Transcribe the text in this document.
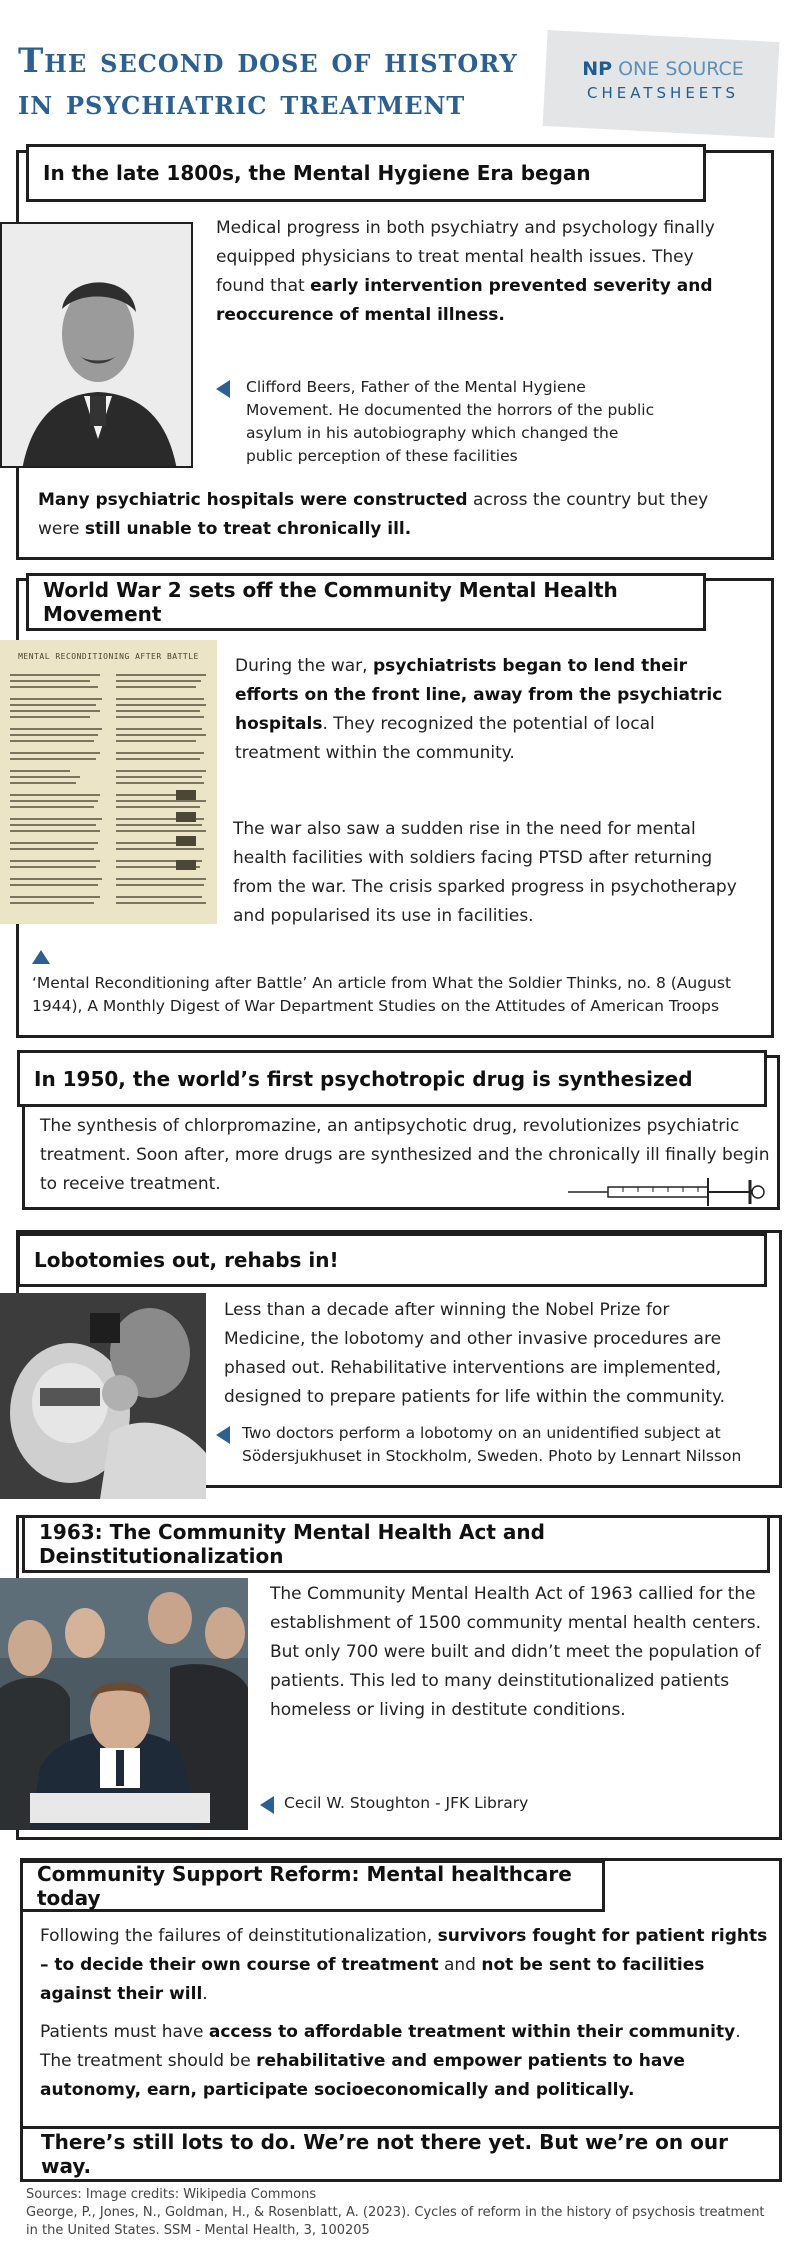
The second dose of history
in psychiatric treatment
NP ONE SOURCE
CHEATSHEETS
In the late 1800s, the Mental Hygiene Era began
Medical progress in both psychiatry and psychology finally equipped physicians to treat mental health issues. They found that early intervention prevented severity and reoccurence of mental illness.
Clifford Beers, Father of the Mental Hygiene Movement. He documented the horrors of the public asylum in his autobiography which changed the public perception of these facilities
Many psychiatric hospitals were constructed across the country but they were still unable to treat chronically ill.
World War 2 sets off the Community Mental Health Movement
MENTAL RECONDITIONING AFTER BATTLE	During the war, psychiatrists began to lend their efforts on the front line, away from the psychiatric hospitals. They recognized the potential of local treatment within the community.
The war also saw a sudden rise in the need for mental health facilities with soldiers facing PTSD after returning from the war. The crisis sparked progress in psychotherapy and popularised its use in facilities.
‘Mental Reconditioning after Battle’ An article from What the Soldier Thinks, no. 8 (August 1944), A Monthly Digest of War Department Studies on the Attitudes of American Troops
In 1950, the world’s first psychotropic drug is synthesized
The synthesis of chlorpromazine, an antipsychotic drug, revolutionizes psychiatric treatment. Soon after, more drugs are synthesized and the chronically ill finally begin to receive treatment.
Lobotomies out, rehabs in!
Less than a decade after winning the Nobel Prize for Medicine, the lobotomy and other invasive procedures are phased out. Rehabilitative interventions are implemented, designed to prepare patients for life within the community.
Two doctors perform a lobotomy on an unidentified subject at Södersjukhuset in Stockholm, Sweden. Photo by Lennart Nilsson
1963: The Community Mental Health Act and Deinstitutionalization
The Community Mental Health Act of 1963 callied for the establishment of 1500 community mental health centers. But only 700 were built and didn’t meet the population of patients. This led to many deinstitutionalized patients homeless or living in destitute conditions.
Cecil W. Stoughton - JFK Library
Community Support Reform: Mental healthcare today
Following the failures of deinstitutionalization, survivors fought for patient rights – to decide their own course of treatment and not be sent to facilities against their will.
Patients must have access to affordable treatment within their community. The treatment should be rehabilitative and empower patients to have autonomy, earn, participate socioeconomically and politically.
There’s still lots to do. We’re not there yet. But we’re on our way.
Sources: Image credits: Wikipedia Commons
George, P., Jones, N., Goldman, H., & Rosenblatt, A. (2023). Cycles of reform in the history of psychosis treatment in the United States. SSM - Mental Health, 3, 100205
